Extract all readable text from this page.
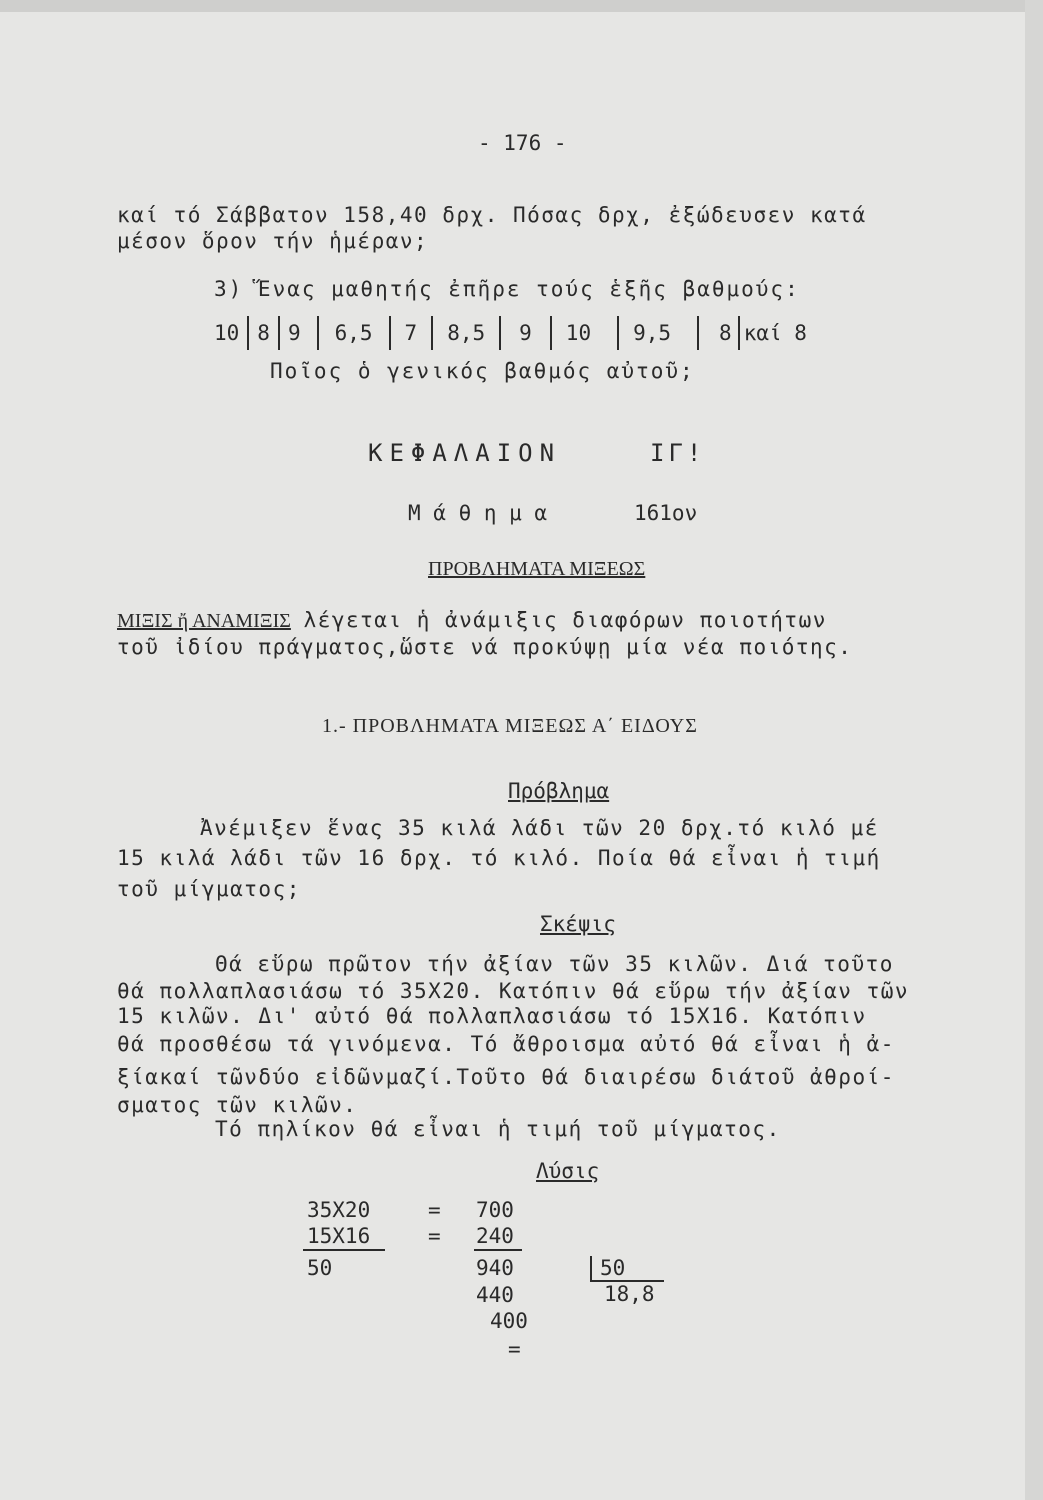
- 176 -
καί τό Σάββατον 158,40 δρχ. Πόσας δρχ, ἐξώδευσεν κατά
μέσον ὅρον τήν ἡμέραν;
3) Ἕνας μαθητής ἐπῆρε τούς ἑξῆς βαθμούς:
10 8 9	6,5	7	8,5	9	10	9,5	8 καί 8
Ποῖος ὁ γενικός βαθμός αὐτοῦ;
ΚΕΦΑΛΑΙΟΝ	ΙΓ!
Μ ά θ η μ α	161ον
ΠΡΟΒΛΗΜΑΤΑ ΜΙΞΕΩΣ
ΜΙΞΙΣ ἤ ΑΝΑΜΙΞΙΣ λέγεται ἡ ἀνάμιξις διαφόρων ποιοτήτων
τοῦ ἰδίου πράγματος,ὥστε νά προκύψῃ μία νέα ποιότης.
1.- ΠΡΟΒΛΗΜΑΤΑ ΜΙΞΕΩΣ Α΄ ΕΙΔΟΥΣ
Πρόβλημα
Ἀνέμιξεν ἕνας 35 κιλά λάδι τῶν 20 δρχ.τό κιλό μέ
15 κιλά λάδι τῶν 16 δρχ. τό κιλό. Ποία θά εἶναι ἡ τιμή
τοῦ μίγματος;
Σκέψις
Θά εὕρω πρῶτον τήν ἀξίαν τῶν 35 κιλῶν. Διά τοῦτο
θά πολλαπλασιάσω τό 35Χ20. Κατόπιν θά εὕρω τήν ἀξίαν τῶν
15 κιλῶν. Δι' αὐτό θά πολλαπλασιάσω τό 15Χ16. Κατόπιν
θά προσθέσω τά γινόμενα. Τό ἄθροισμα αὐτό θά εἶναι ἡ ἀ-
ξίακαί τῶνδύο εἰδῶνμαζί.Τοῦτο θά διαιρέσω διάτοῦ ἀθροί-
σματος τῶν κιλῶν.
Τό πηλίκον θά εἶναι ἡ τιμή τοῦ μίγματος.
Λύσις
35Χ20	= 700
15Χ16	= 240
50	940
440
400
=
50
18,8
